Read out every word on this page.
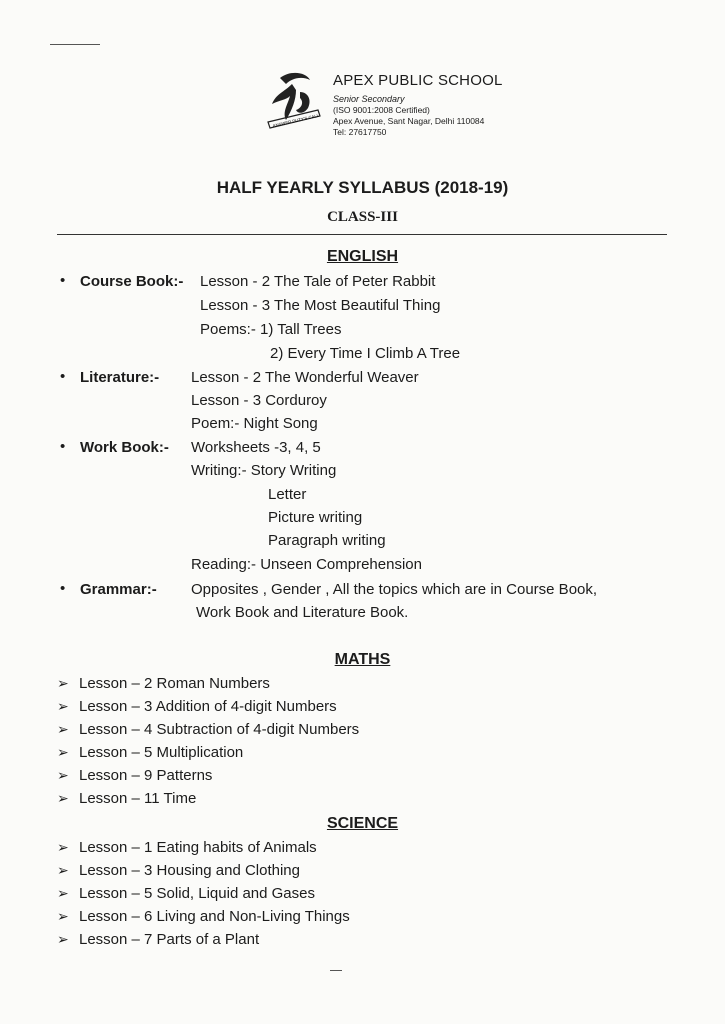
ANSWER DUTY'S CALL
APEX PUBLIC SCHOOL
Senior Secondary
(ISO 9001:2008 Certified)
Apex Avenue, Sant Nagar, Delhi 110084
Tel: 27617750
HALF YEARLY SYLLABUS (2018-19)
CLASS-III
ENGLISH
• Course Book:- Lesson - 2 The Tale of Peter Rabbit
Lesson - 3 The Most Beautiful Thing
Poems:- 1) Tall Trees
2) Every Time I Climb A Tree
• Literature:- Lesson - 2 The Wonderful Weaver
Lesson - 3 Corduroy
Poem:- Night Song
• Work Book:- Worksheets -3, 4, 5
Writing:- Story Writing
Letter
Picture writing
Paragraph writing
Reading:- Unseen Comprehension
• Grammar:- Opposites , Gender , All the topics which are in Course Book,
Work Book and Literature Book.
MATHS
➢ Lesson – 2 Roman Numbers
➢ Lesson – 3 Addition of 4-digit Numbers
➢ Lesson – 4 Subtraction of 4-digit Numbers
➢ Lesson – 5 Multiplication
➢ Lesson – 9 Patterns
➢ Lesson – 11 Time
SCIENCE
➢ Lesson – 1 Eating habits of Animals
➢ Lesson – 3 Housing and Clothing
➢ Lesson – 5 Solid, Liquid and Gases
➢ Lesson – 6 Living and Non-Living Things
➢ Lesson – 7 Parts of a Plant
